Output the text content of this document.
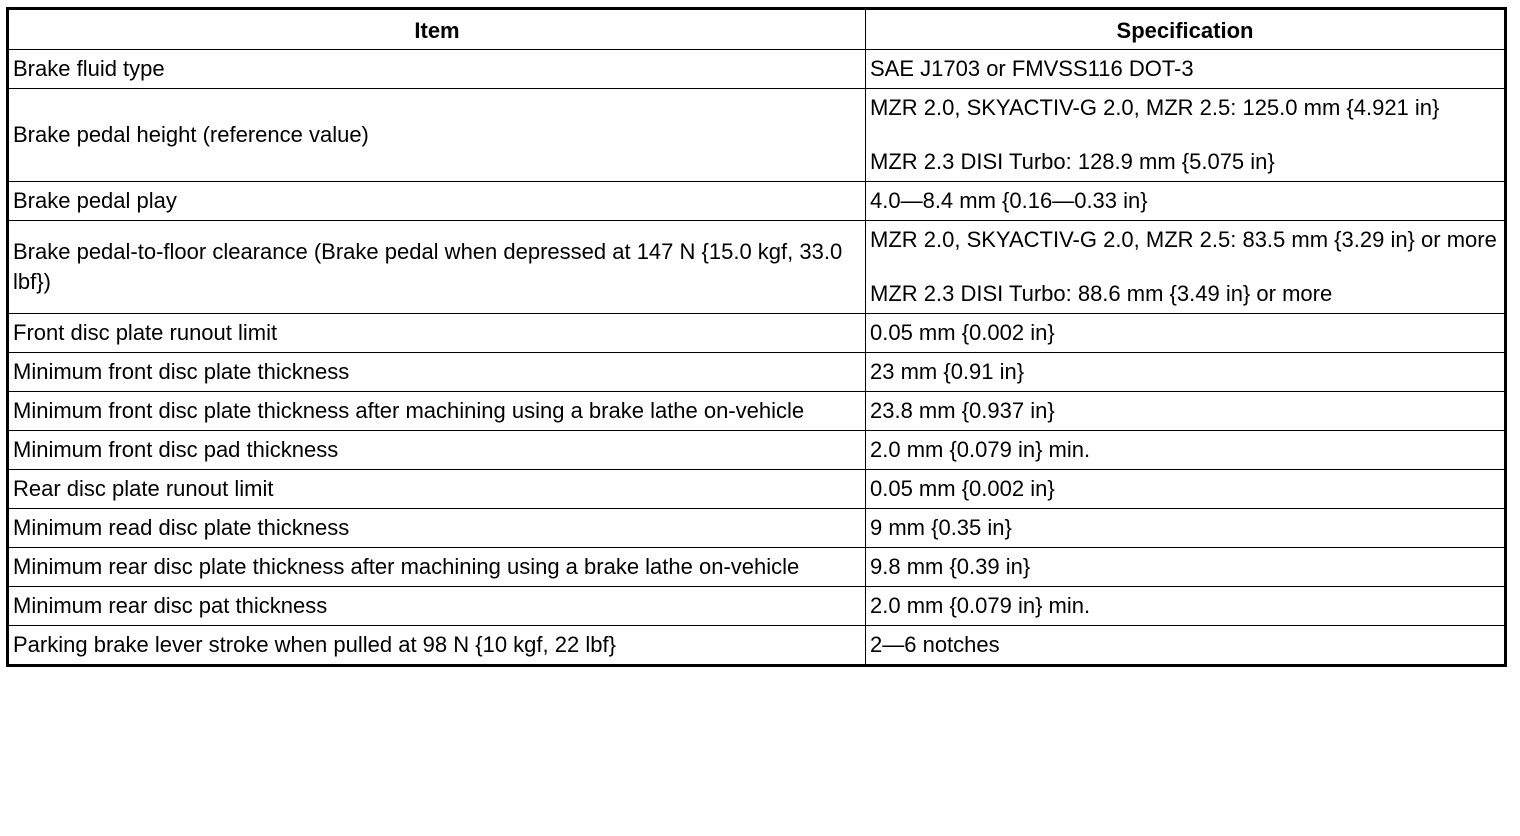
Item	Specification
Brake fluid type	SAE J1703 or FMVSS116 DOT-3

Brake pedal height (reference value)	MZR 2.0, SKYACTIV-G 2.0, MZR 2.5: 125.0 mm {4.921 in}
MZR 2.3 DISI Turbo: 128.9 mm {5.075 in}

Brake pedal play	4.0—8.4 mm {0.16—0.33 in}

Brake pedal-to-floor clearance (Brake pedal when depressed at 147 N {15.0 kgf, 33.0 lbf})	MZR 2.0, SKYACTIV-G 2.0, MZR 2.5: 83.5 mm {3.29 in} or more
MZR 2.3 DISI Turbo: 88.6 mm {3.49 in} or more

Front disc plate runout limit	0.05 mm {0.002 in}

Minimum front disc plate thickness	23 mm {0.91 in}

Minimum front disc plate thickness after machining using a brake lathe on-vehicle	23.8 mm {0.937 in}

Minimum front disc pad thickness	2.0 mm {0.079 in} min.

Rear disc plate runout limit	0.05 mm {0.002 in}

Minimum read disc plate thickness	9 mm {0.35 in}

Minimum rear disc plate thickness after machining using a brake lathe on-vehicle	9.8 mm {0.39 in}

Minimum rear disc pat thickness	2.0 mm {0.079 in} min.

Parking brake lever stroke when pulled at 98 N {10 kgf, 22 lbf}	2—6 notches
